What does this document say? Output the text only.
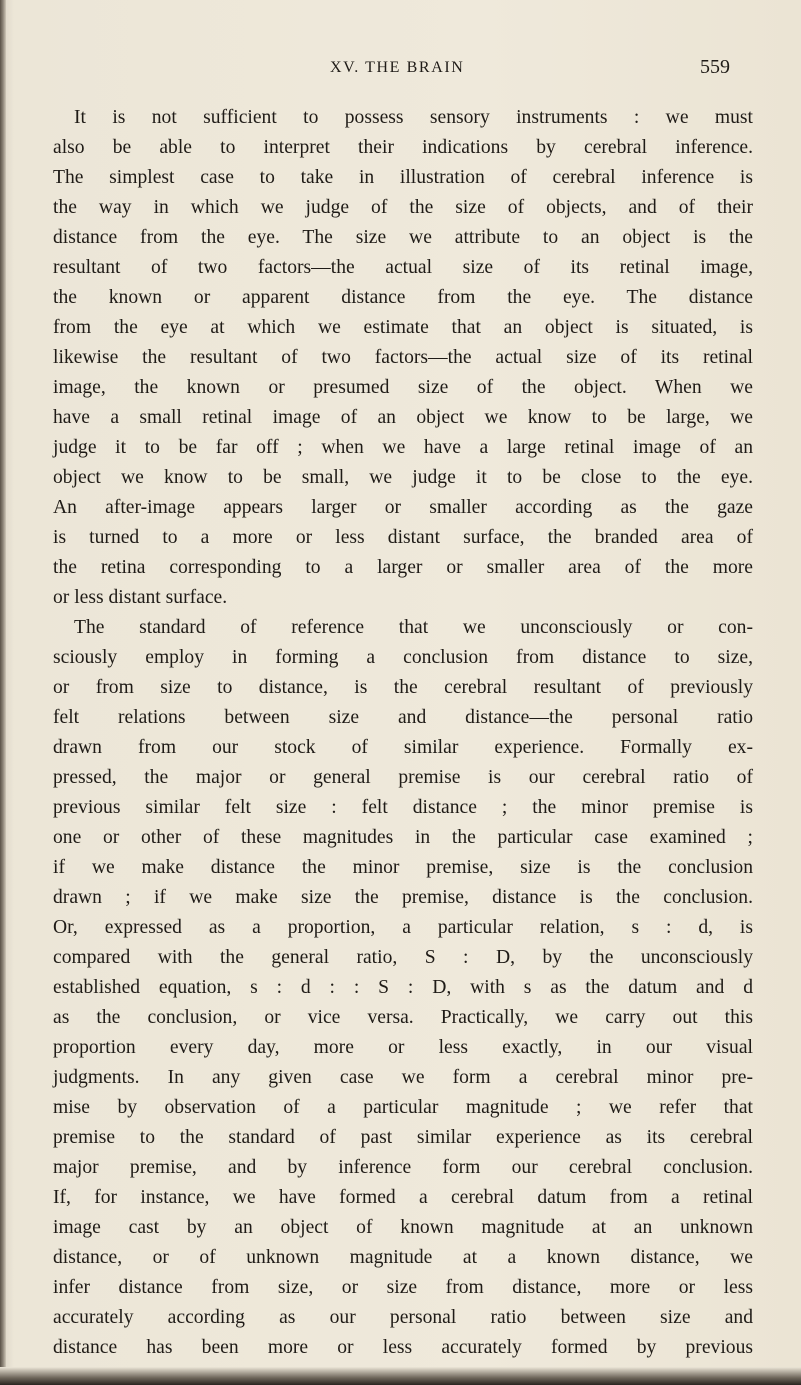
XV. THE BRAIN	559
It is not sufficient to possess sensory instruments : we must
also be able to interpret their indications by cerebral inference.
The simplest case to take in illustration of cerebral inference is
the way in which we judge of the size of objects, and of their
distance from the eye. The size we attribute to an object is the
resultant of two factors—the actual size of its retinal image,
the known or apparent distance from the eye. The distance
from the eye at which we estimate that an object is situated, is
likewise the resultant of two factors—the actual size of its retinal
image, the known or presumed size of the object. When we
have a small retinal image of an object we know to be large, we
judge it to be far off ; when we have a large retinal image of an
object we know to be small, we judge it to be close to the eye.
An after-image appears larger or smaller according as the gaze
is turned to a more or less distant surface, the branded area of
the retina corresponding to a larger or smaller area of the more
or less distant surface.
The standard of reference that we unconsciously or con-
sciously employ in forming a conclusion from distance to size,
or from size to distance, is the cerebral resultant of previously
felt relations between size and distance—the personal ratio
drawn from our stock of similar experience. Formally ex-
pressed, the major or general premise is our cerebral ratio of
previous similar felt size : felt distance ; the minor premise is
one or other of these magnitudes in the particular case examined ;
if we make distance the minor premise, size is the conclusion
drawn ; if we make size the premise, distance is the conclusion.
Or, expressed as a proportion, a particular relation, s : d, is
compared with the general ratio, S : D, by the unconsciously
established equation, s : d : : S : D, with s as the datum and d
as the conclusion, or vice versa. Practically, we carry out this
proportion every day, more or less exactly, in our visual
judgments. In any given case we form a cerebral minor pre-
mise by observation of a particular magnitude ; we refer that
premise to the standard of past similar experience as its cerebral
major premise, and by inference form our cerebral conclusion.
If, for instance, we have formed a cerebral datum from a retinal
image cast by an object of known magnitude at an unknown
distance, or of unknown magnitude at a known distance, we
infer distance from size, or size from distance, more or less
accurately according as our personal ratio between size and
distance has been more or less accurately formed by previous
